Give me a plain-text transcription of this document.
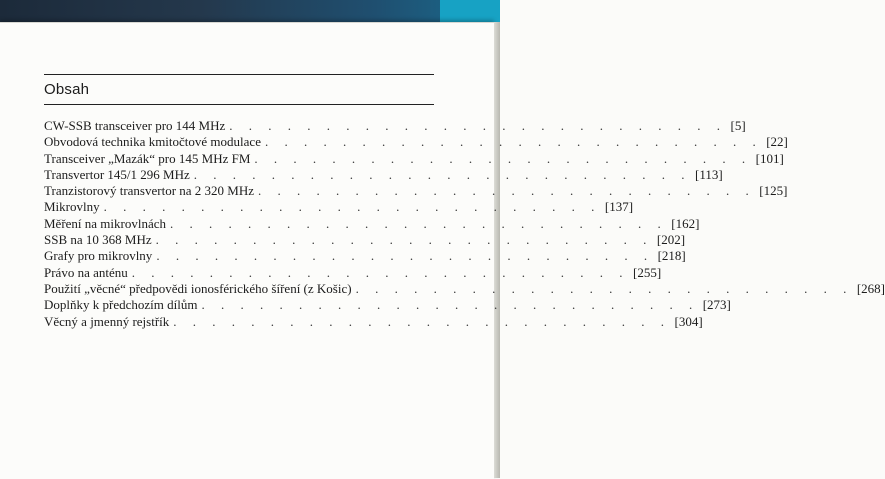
Obsah
CW-SSB transceiver pro 144 MHz . . . . . . . . . . . . . . . . . . . . . . . . . . [5]
Obvodová technika kmitočtové modulace . . . . . . . . . . . . . . . . . . . . . . . . . . [22]
Transceiver „Mazák“ pro 145 MHz FM . . . . . . . . . . . . . . . . . . . . . . . . . . [101]
Transvertor 145/1 296 MHz . . . . . . . . . . . . . . . . . . . . . . . . . . [113]
Tranzistorový transvertor na 2 320 MHz . . . . . . . . . . . . . . . . . . . . . . . . . . [125]
Mikrovlny . . . . . . . . . . . . . . . . . . . . . . . . . . [137]
Měření na mikrovlnách . . . . . . . . . . . . . . . . . . . . . . . . . . [162]
SSB na 10 368 MHz . . . . . . . . . . . . . . . . . . . . . . . . . . [202]
Grafy pro mikrovlny . . . . . . . . . . . . . . . . . . . . . . . . . . [218]
Právo na anténu . . . . . . . . . . . . . . . . . . . . . . . . . . [255]
Použití „věcné“ předpovědi ionosférického šíření (z Košic) . . . . . . . . . . . . . . . . . . . . . . . . . . [268]
Doplňky k předchozím dílům . . . . . . . . . . . . . . . . . . . . . . . . . . [273]
Věcný a jmenný rejstřík . . . . . . . . . . . . . . . . . . . . . . . . . . [304]
